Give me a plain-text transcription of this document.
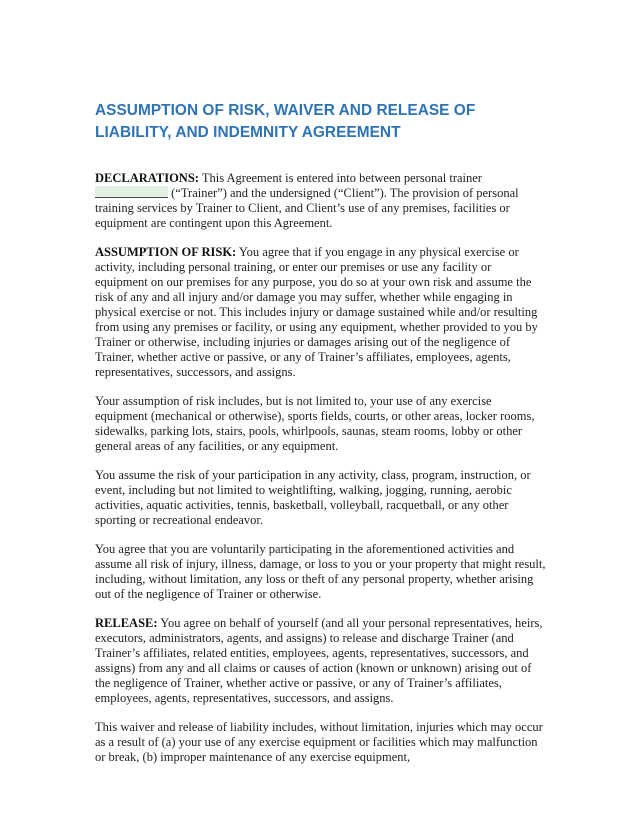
ASSUMPTION OF RISK, WAIVER AND RELEASE OF LIABILITY, AND INDEMNITY AGREEMENT

DECLARATIONS: This Agreement is entered into between personal trainer  (“Trainer”) and the undersigned (“Client”). The provision of personal training services by Trainer to Client, and Client’s use of any premises, facilities or equipment are contingent upon this Agreement.

ASSUMPTION OF RISK: You agree that if you engage in any physical exercise or activity, including personal training, or enter our premises or use any facility or equipment on our premises for any purpose, you do so at your own risk and assume the risk of any and all injury and/or damage you may suffer, whether while engaging in physical exercise or not. This includes injury or damage sustained while and/or resulting from using any premises or facility, or using any equipment, whether provided to you by Trainer or otherwise, including injuries or damages arising out of the negligence of Trainer, whether active or passive, or any of Trainer’s affiliates, employees, agents, representatives, successors, and assigns.

Your assumption of risk includes, but is not limited to, your use of any exercise equipment (mechanical or otherwise), sports fields, courts, or other areas, locker rooms, sidewalks, parking lots, stairs, pools, whirlpools, saunas, steam rooms, lobby or other general areas of any facilities, or any equipment.

You assume the risk of your participation in any activity, class, program, instruction, or event, including but not limited to weightlifting, walking, jogging, running, aerobic activities, aquatic activities, tennis, basketball, volleyball, racquetball, or any other sporting or recreational endeavor.

You agree that you are voluntarily participating in the aforementioned activities and assume all risk of injury, illness, damage, or loss to you or your property that might result, including, without limitation, any loss or theft of any personal property, whether arising out of the negligence of Trainer or otherwise.

RELEASE: You agree on behalf of yourself (and all your personal representatives, heirs, executors, administrators, agents, and assigns) to release and discharge Trainer (and Trainer’s affiliates, related entities, employees, agents, representatives, successors, and assigns) from any and all claims or causes of action (known or unknown) arising out of the negligence of Trainer, whether active or passive, or any of Trainer’s affiliates, employees, agents, representatives, successors, and assigns.

This waiver and release of liability includes, without limitation, injuries which may occur as a result of (a) your use of any exercise equipment or facilities which may malfunction or break, (b) improper maintenance of any exercise equipment,
